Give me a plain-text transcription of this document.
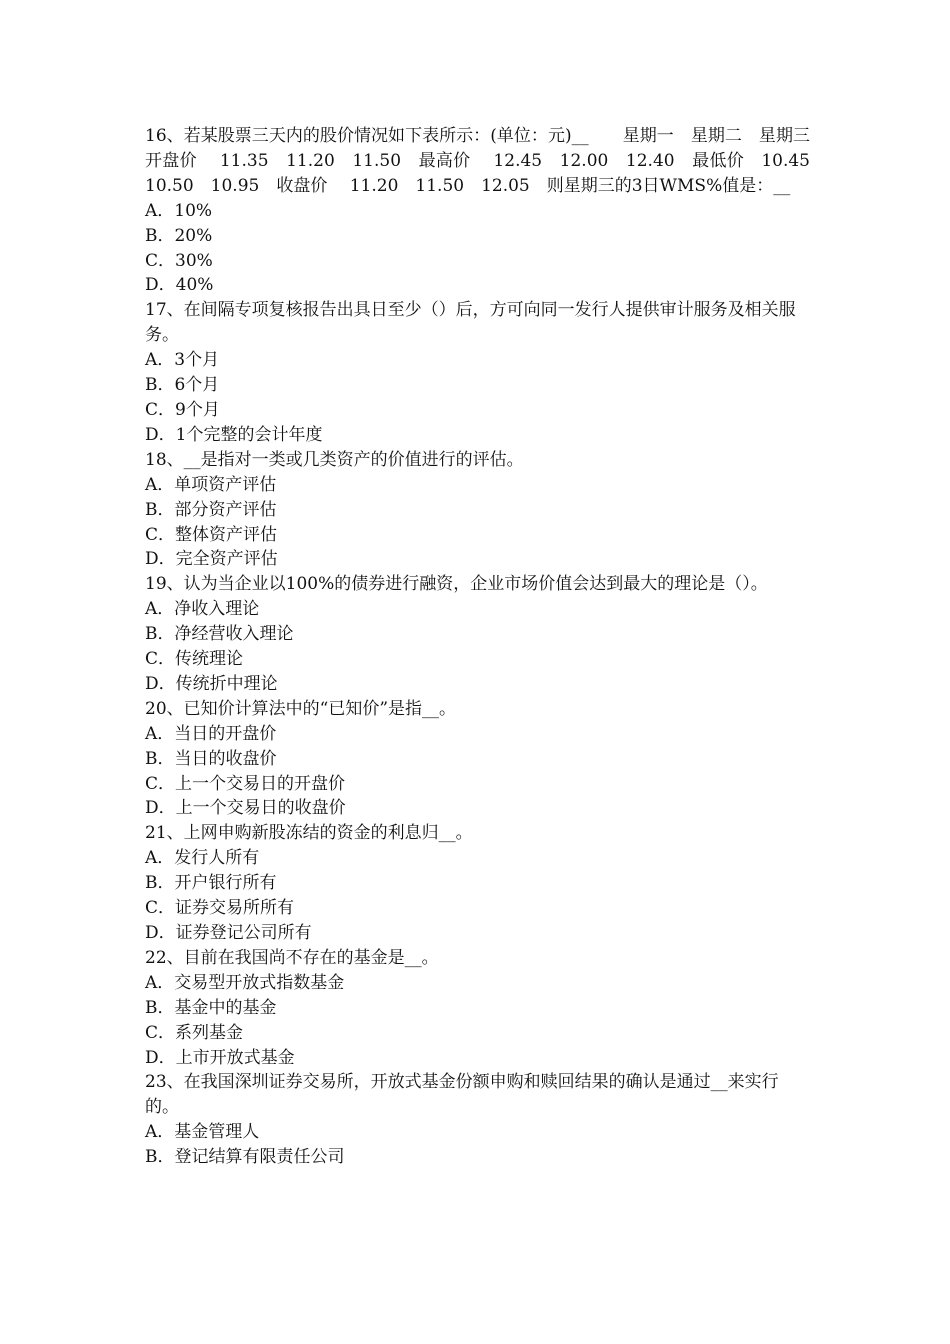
16、若某股票三天内的股价情况如下表所示：(单位：元)__　　星期一　星期二　星期三　 开盘价　 11.35　11.20　11.50　最高价　 12.45　12.00　12.40　最低价　10.45　10.50　10.95　收盘价　 11.20　11.50　12.05　则星期三的3日WMS%值是：__
A．10%
B．20%
C．30%
D．40%
17、在间隔专项复核报告出具日至少（）后，方可向同一发行人提供审计服务及相关服务。
A．3个月
B．6个月
C．9个月
D．1个完整的会计年度
18、__是指对一类或几类资产的价值进行的评估。
A．单项资产评估
B．部分资产评估
C．整体资产评估
D．完全资产评估
19、认为当企业以100%的债券进行融资，企业市场价值会达到最大的理论是（）。
A．净收入理论
B．净经营收入理论
C．传统理论
D．传统折中理论
20、已知价计算法中的“已知价”是指__。
A．当日的开盘价
B．当日的收盘价
C．上一个交易日的开盘价
D．上一个交易日的收盘价
21、上网申购新股冻结的资金的利息归__。
A．发行人所有
B．开户银行所有
C．证券交易所所有
D．证券登记公司所有
22、目前在我国尚不存在的基金是__。
A．交易型开放式指数基金
B．基金中的基金
C．系列基金
D．上市开放式基金
23、在我国深圳证券交易所，开放式基金份额申购和赎回结果的确认是通过__来实行的。
A．基金管理人
B．登记结算有限责任公司
